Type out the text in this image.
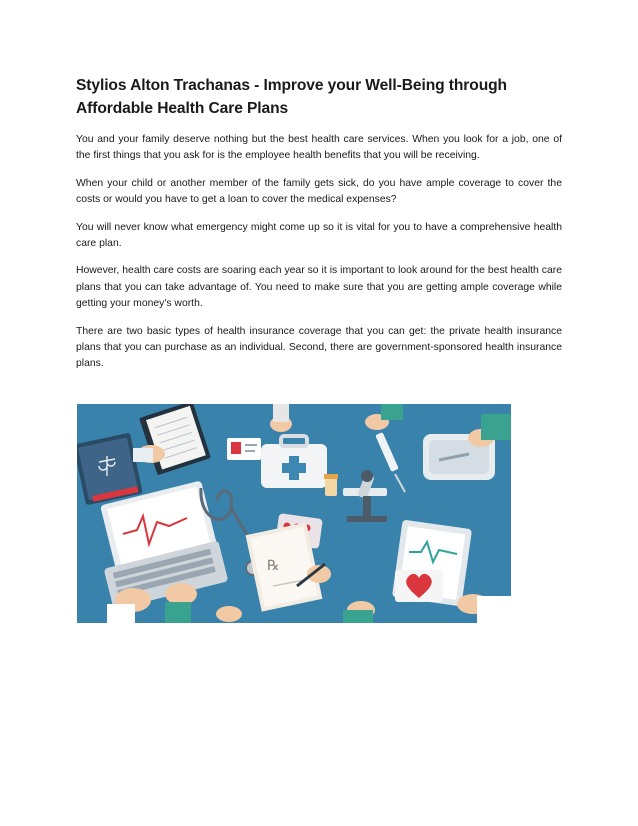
Stylios Alton Trachanas - Improve your Well-Being through Affordable Health Care Plans

You and your family deserve nothing but the best health care services. When you look for a job, one of the first things that you ask for is the employee health benefits that you will be receiving.

When your child or another member of the family gets sick, do you have ample coverage to cover the costs or would you have to get a loan to cover the medical expenses?

You will never know what emergency might come up so it is vital for you to have a comprehensive health care plan.

However, health care costs are soaring each year so it is important to look around for the best health care plans that you can take advantage of. You need to make sure that you are getting ample coverage while getting your money's worth.

There are two basic types of health insurance coverage that you can get: the private health insurance plans that you can purchase as an individual. Second, there are government-sponsored health insurance plans.

℞
